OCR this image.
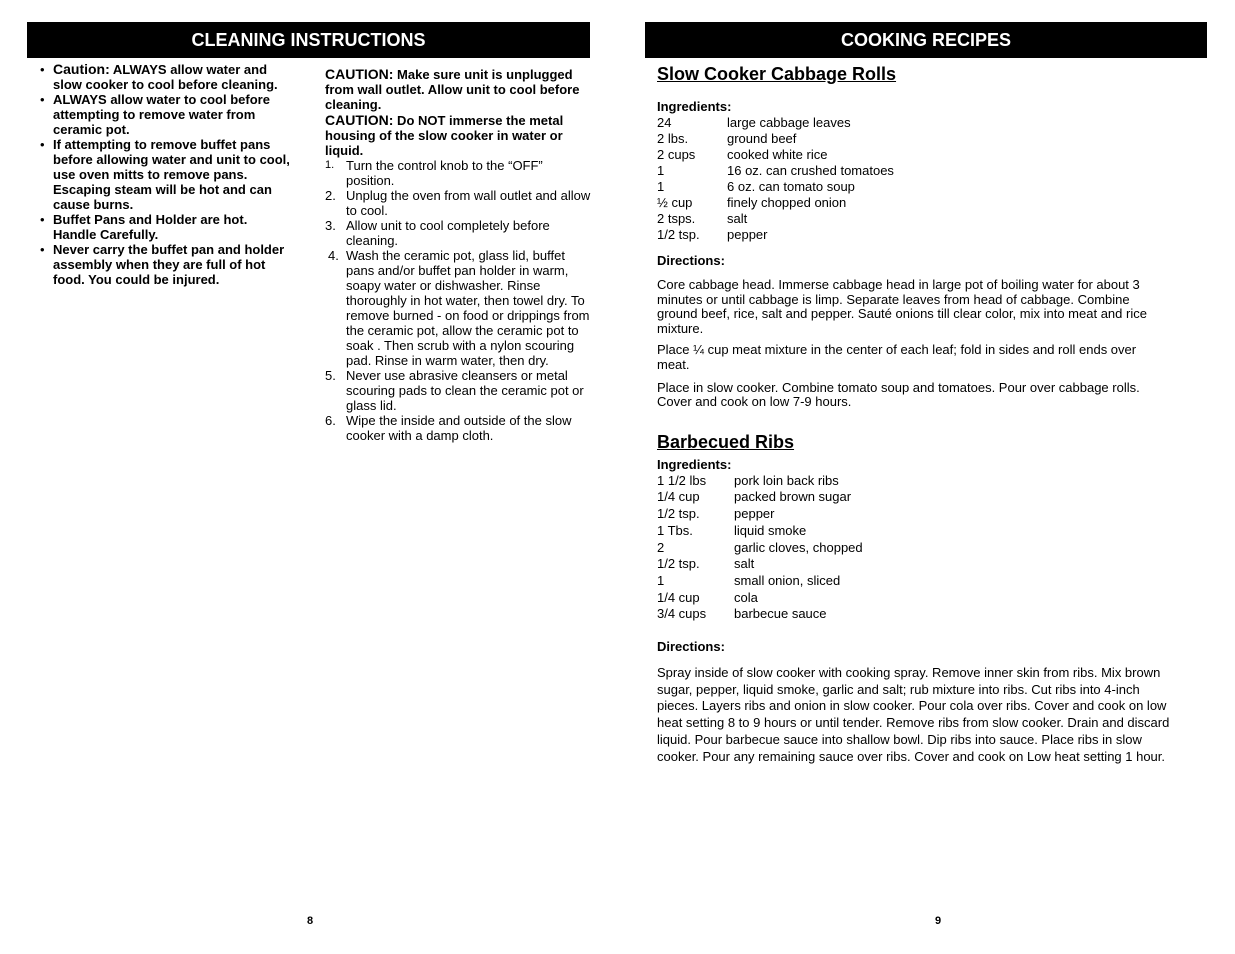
CLEANING INSTRUCTIONS
• Caution: ALWAYS allow water and slow cooker to cool before cleaning.
• ALWAYS allow water to cool before attempting to remove water from ceramic pot.
• If attempting to remove buffet pans before allowing water and unit to cool, use oven mitts to remove pans. Escaping steam will be hot and can cause burns.
• Buffet Pans and Holder are hot. Handle Carefully.
• Never carry the buffet pan and holder assembly when they are full of hot food. You could be injured.

CAUTION: Make sure unit is unplugged from wall outlet. Allow unit to cool before cleaning.

CAUTION: Do NOT immerse the metal housing of the slow cooker in water or liquid.

1. Turn the control knob to the “OFF” position.
2. Unplug the oven from wall outlet and allow to cool.
3. Allow unit to cool completely before cleaning.
4. Wash the ceramic pot, glass lid, buffet pans and/or buffet pan holder in warm, soapy water or dishwasher. Rinse thoroughly in hot water, then towel dry. To remove burned - on food or drippings from the ceramic pot, allow the ceramic pot to soak . Then scrub with a nylon scouring pad. Rinse in warm water, then dry.
5. Never use abrasive cleansers or metal scouring pads to clean the ceramic pot or glass lid.
6. Wipe the inside and outside of the slow cooker with a damp cloth.
8
COOKING RECIPES
Slow Cooker Cabbage Rolls

Ingredients:

24	large cabbage leaves
2 lbs.	ground beef
2 cups	cooked white rice
1	16 oz. can crushed tomatoes
1	6 oz. can tomato soup
½ cup	finely chopped onion
2 tsps.	salt
1/2 tsp.	pepper

Directions:

Core cabbage head. Immerse cabbage head in large pot of boiling water for about 3 minutes or until cabbage is limp. Separate leaves from head of cabbage. Combine ground beef, rice, salt and pepper. Sauté onions till clear color, mix into meat and rice mixture.

Place ¼ cup meat mixture in the center of each leaf; fold in sides and roll ends over meat.

Place in slow cooker. Combine tomato soup and tomatoes. Pour over cabbage rolls. Cover and cook on low 7-9 hours.

Barbecued Ribs

Ingredients:

1 1/2 lbs	pork loin back ribs
1/4 cup	packed brown sugar
1/2 tsp.	pepper
1 Tbs.	liquid smoke
2	garlic cloves, chopped
1/2 tsp.	salt
1	small onion, sliced
1/4 cup	cola
3/4 cups	barbecue sauce

Directions:

Spray inside of slow cooker with cooking spray. Remove inner skin from ribs. Mix brown sugar, pepper, liquid smoke, garlic and salt; rub mixture into ribs. Cut ribs into 4-inch pieces. Layers ribs and onion in slow cooker. Pour cola over ribs. Cover and cook on low heat setting 8 to 9 hours or until tender. Remove ribs from slow cooker. Drain and discard liquid. Pour barbecue sauce into shallow bowl. Dip ribs into sauce. Place ribs in slow cooker. Pour any remaining sauce over ribs. Cover and cook on Low heat setting 1 hour.

9
